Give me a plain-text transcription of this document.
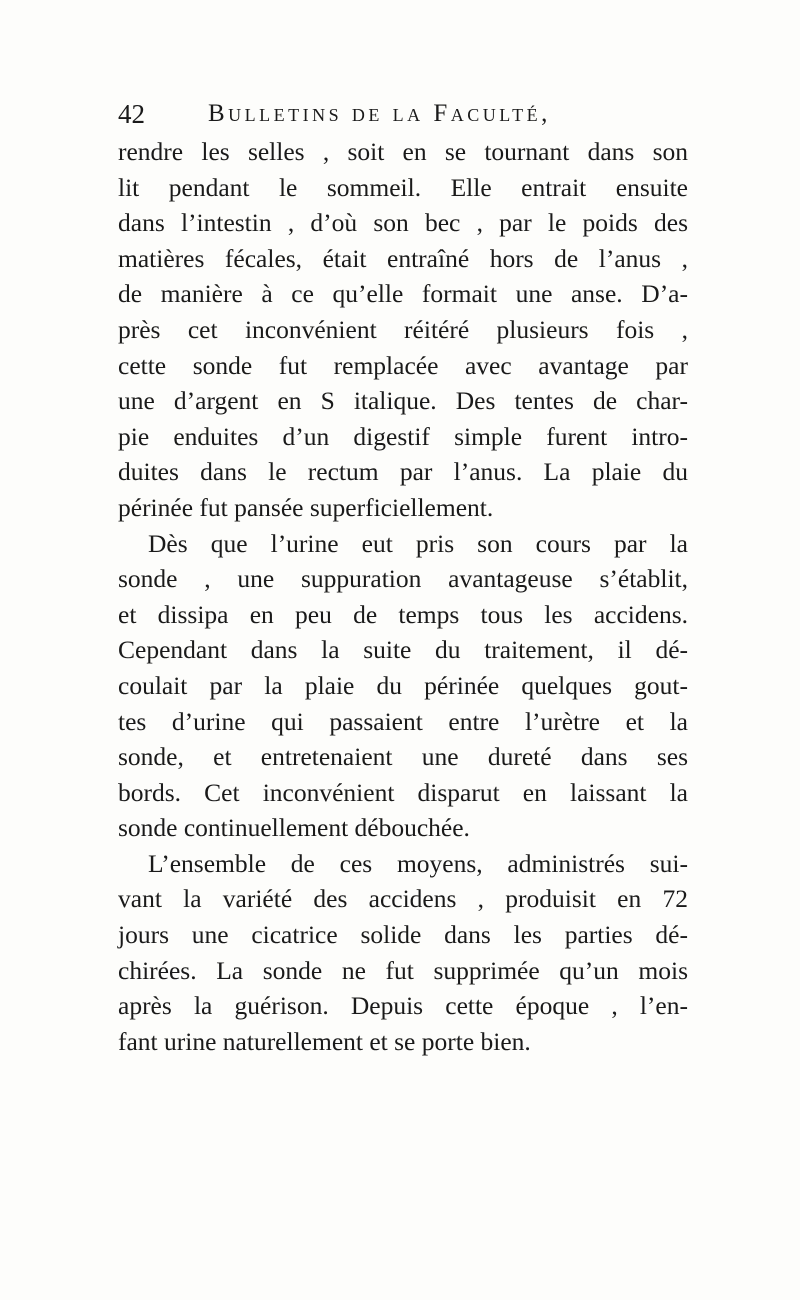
42	Bulletins de la Faculté,
rendre les selles , soit en se tournant dans son
lit pendant le sommeil. Elle entrait ensuite
dans l’intestin , d’où son bec , par le poids des
matières fécales, était entraîné hors de l’anus ,
de manière à ce qu’elle formait une anse. D’a-
près cet inconvénient réitéré plusieurs fois ,
cette sonde fut remplacée avec avantage par
une d’argent en S italique. Des tentes de char-
pie enduites d’un digestif simple furent intro-
duites dans le rectum par l’anus. La plaie du
périnée fut pansée superficiellement.
Dès que l’urine eut pris son cours par la
sonde , une suppuration avantageuse s’établit,
et dissipa en peu de temps tous les accidens.
Cependant dans la suite du traitement, il dé-
coulait par la plaie du périnée quelques gout-
tes d’urine qui passaient entre l’urètre et la
sonde, et entretenaient une dureté dans ses
bords. Cet inconvénient disparut en laissant la
sonde continuellement débouchée.
L’ensemble de ces moyens, administrés sui-
vant la variété des accidens , produisit en 72
jours une cicatrice solide dans les parties dé-
chirées. La sonde ne fut supprimée qu’un mois
après la guérison. Depuis cette époque , l’en-
fant urine naturellement et se porte bien.
